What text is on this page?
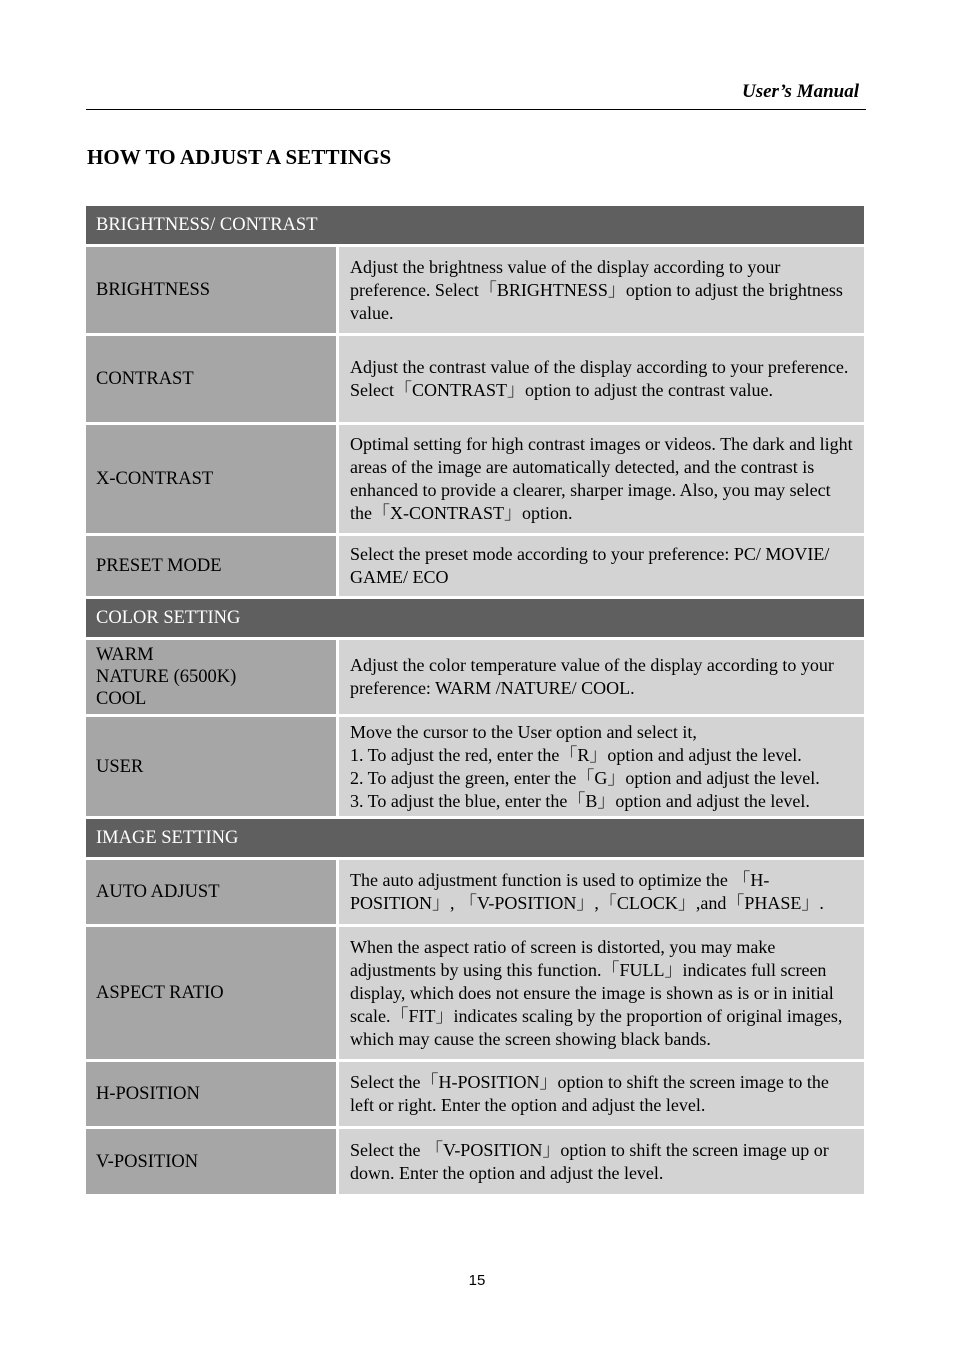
User’s Manual
HOW TO ADJUST A SETTINGS
BRIGHTNESS/ CONTRAST
BRIGHTNESS
Adjust the brightness value of the display according to your preference. Select「BRIGHTNESS」option to adjust the brightness value.
CONTRAST
Adjust the contrast value of the display according to your preference. Select「CONTRAST」option to adjust the contrast value.
X-CONTRAST
Optimal setting for high contrast images or videos. The dark and light areas of the image are automatically detected, and the contrast is enhanced to provide a clearer, sharper image. Also, you may select the「X-CONTRAST」option.
PRESET MODE
Select the preset mode according to your preference: PC/ MOVIE/ GAME/ ECO
COLOR SETTING
WARM
NATURE (6500K)
COOL
Adjust the color temperature value of the display according to your preference: WARM /NATURE/ COOL.
USER
Move the cursor to the User option and select it,
1. To adjust the red, enter the「R」option and adjust the level.
2. To adjust the green, enter the「G」option and adjust the level.
3. To adjust the blue, enter the「B」option and adjust the level.
IMAGE SETTING
AUTO ADJUST
The auto adjustment function is used to optimize the 「H-POSITION」, 「V-POSITION」,「CLOCK」,and「PHASE」.
ASPECT RATIO
When the aspect ratio of screen is distorted, you may make adjustments by using this function.「FULL」indicates full screen display, which does not ensure the image is shown as is or in initial scale.「FIT」indicates scaling by the proportion of original images, which may cause the screen showing black bands.
H-POSITION
Select the「H-POSITION」option to shift the screen image to the left or right. Enter the option and adjust the level.
V-POSITION
Select the 「V-POSITION」option to shift the screen image up or down. Enter the option and adjust the level.
15
